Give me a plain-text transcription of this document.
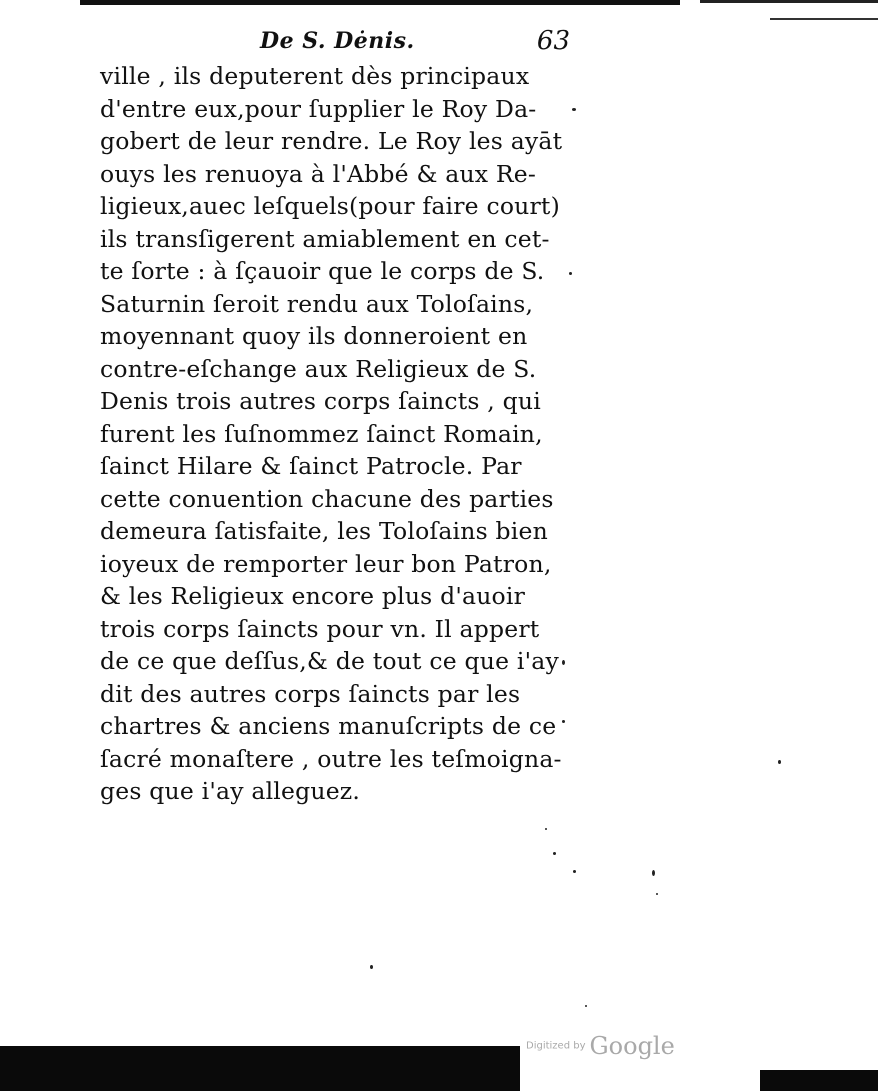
De S. Dėnis.	63
ville , ils deputerent dès principaux
d'entre eux,pour ſupplier le Roy Da-
gobert de leur rendre. Le Roy les ayāt
ouys les renuoya à l'Abbé & aux Re-
ligieux,auec leſquels(pour faire court)
ils transſigerent amiablement en cet-
te ſorte : à ſçauoir que le corps de S.
Saturnin ſeroit rendu aux Toloſains,
moyennant quoy ils donneroient en
contre-eſchange aux Religieux de S.
Denis trois autres corps ſaincts , qui
furent les ſuſnommez ſainct Romain,
ſainct Hilare & ſainct Patrocle. Par
cette conuention chacune des parties
demeura ſatisfaite, les Toloſains bien
ioyeux de remporter leur bon Patron,
& les Religieux encore plus d'auoir
trois corps ſaincts pour vn. Il appert
de ce que deſſus,& de tout ce que i'ay
dit des autres corps ſaincts par les
chartres & anciens manuſcripts de ce
ſacré monaſtere , outre les teſmoigna-
ges que i'ay alleguez.
Digitized by Google
